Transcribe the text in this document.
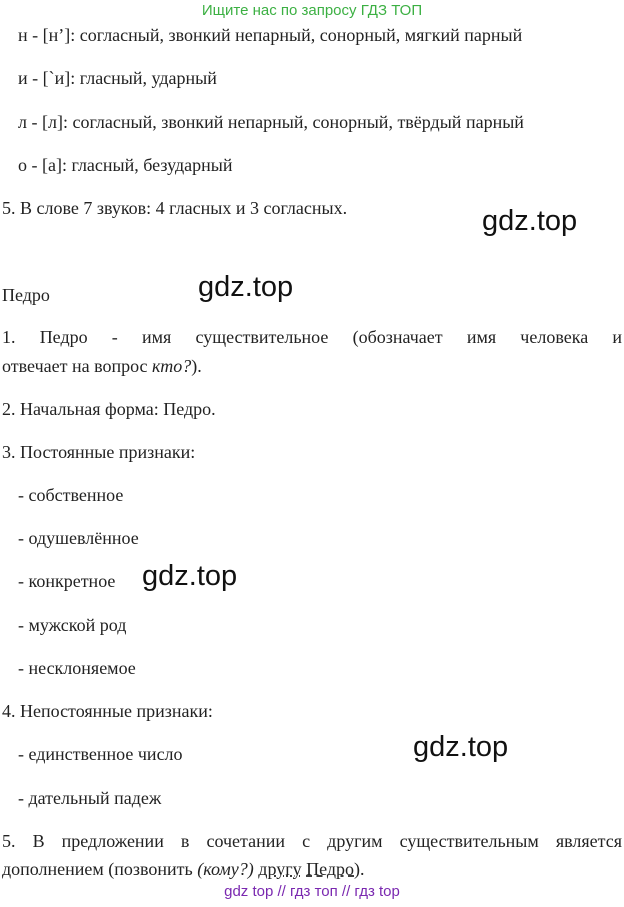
Ищите нас по запросу ГДЗ ТОП
н - [н’]: согласный, звонкий непарный, сонорный, мягкий парный
и - [`и]: гласный, ударный
л - [л]: согласный, звонкий непарный, сонорный, твёрдый парный
о - [а]: гласный, безударный
5. В слове 7 звуков: 4 гласных и 3 согласных.	gdz.top
Педро	gdz.top
1. Педро - имя существительное (обозначает имя человека и
отвечает на вопрос кто?).
2. Начальная форма: Педро.
3. Постоянные признаки:
- собственное
- одушевлённое
- конкретное gdz.top
- мужской род
- несклоняемое
4. Непостоянные признаки:
gdz.top
- единственное число
- дательный падеж
5. В предложении в сочетании с другим существительным является
дополнением (позвонить (кому?) другу Педро).
gdz top // гдз топ // гдз top
